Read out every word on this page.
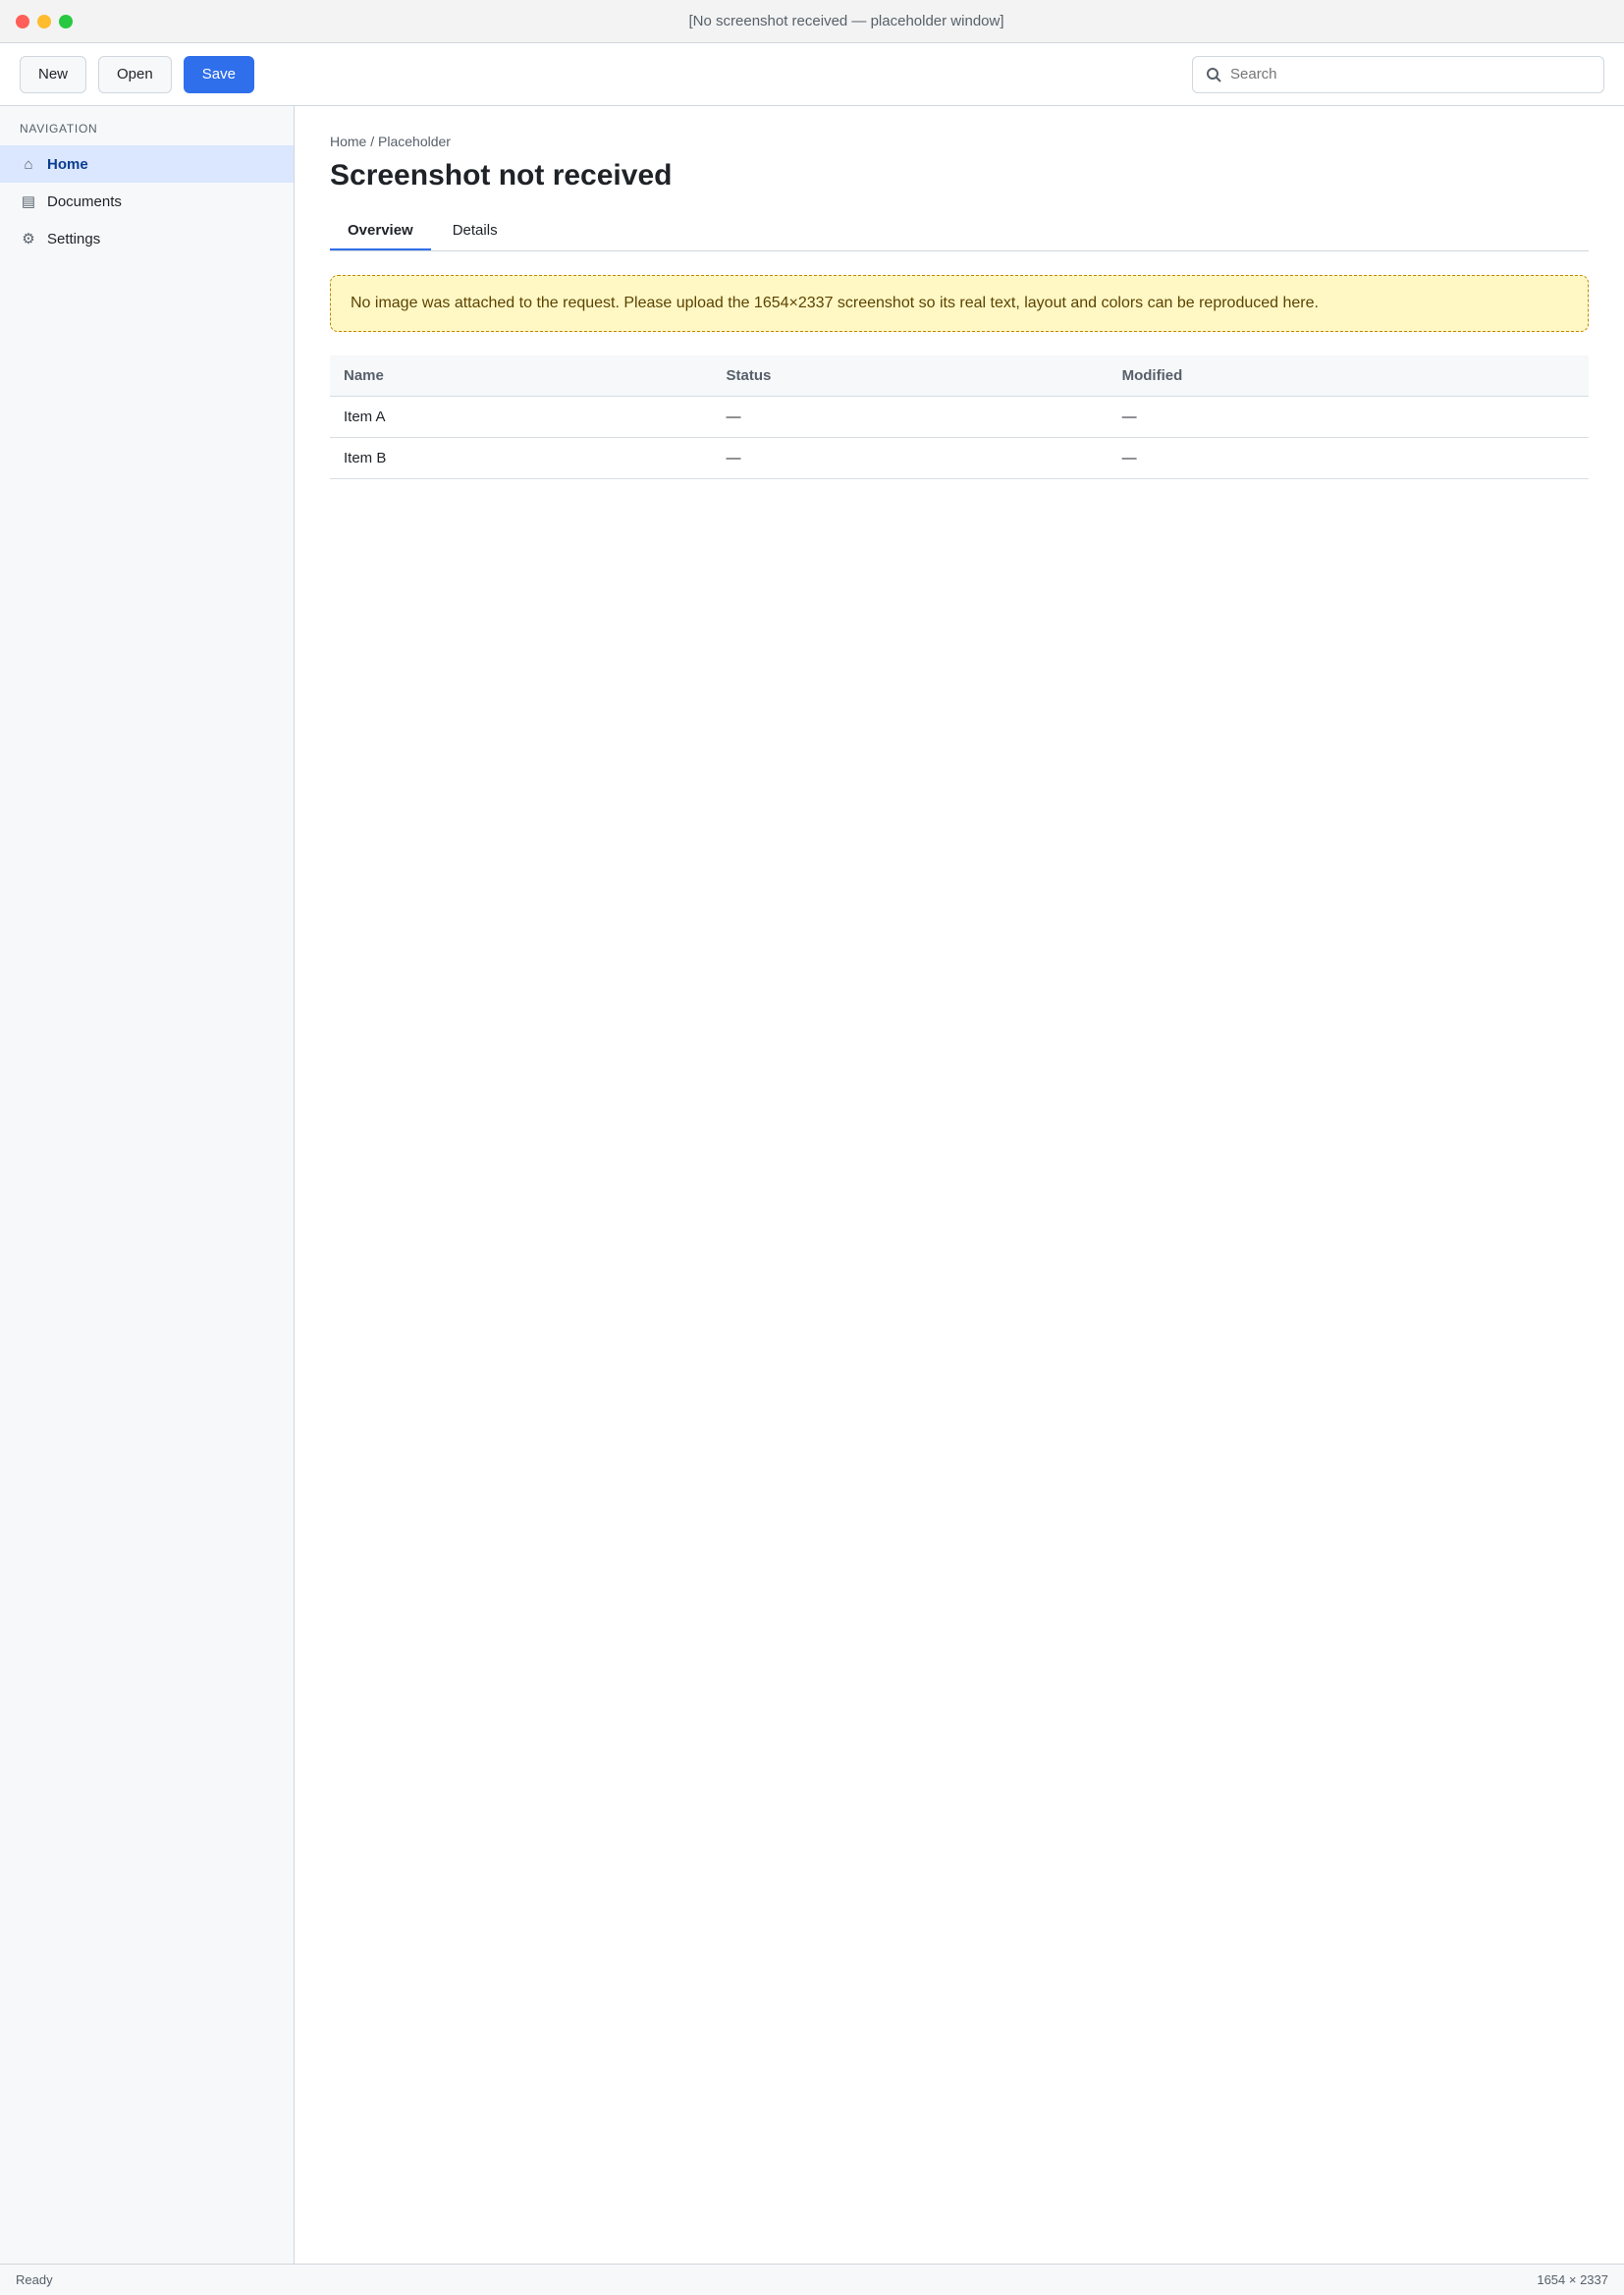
[No screenshot received — placeholder window]
New	Open	Save
Search
NAVIGATION
⌂ Home
▤ Documents
⚙ Settings
Home / Placeholder
Screenshot not received
Overview	Details
No image was attached to the request. Please upload the 1654×2337 screenshot so its real text, layout and colors can be reproduced here.
Name	Status	Modified
Item A	—	—
Item B	—	—
Ready	1654 × 2337
